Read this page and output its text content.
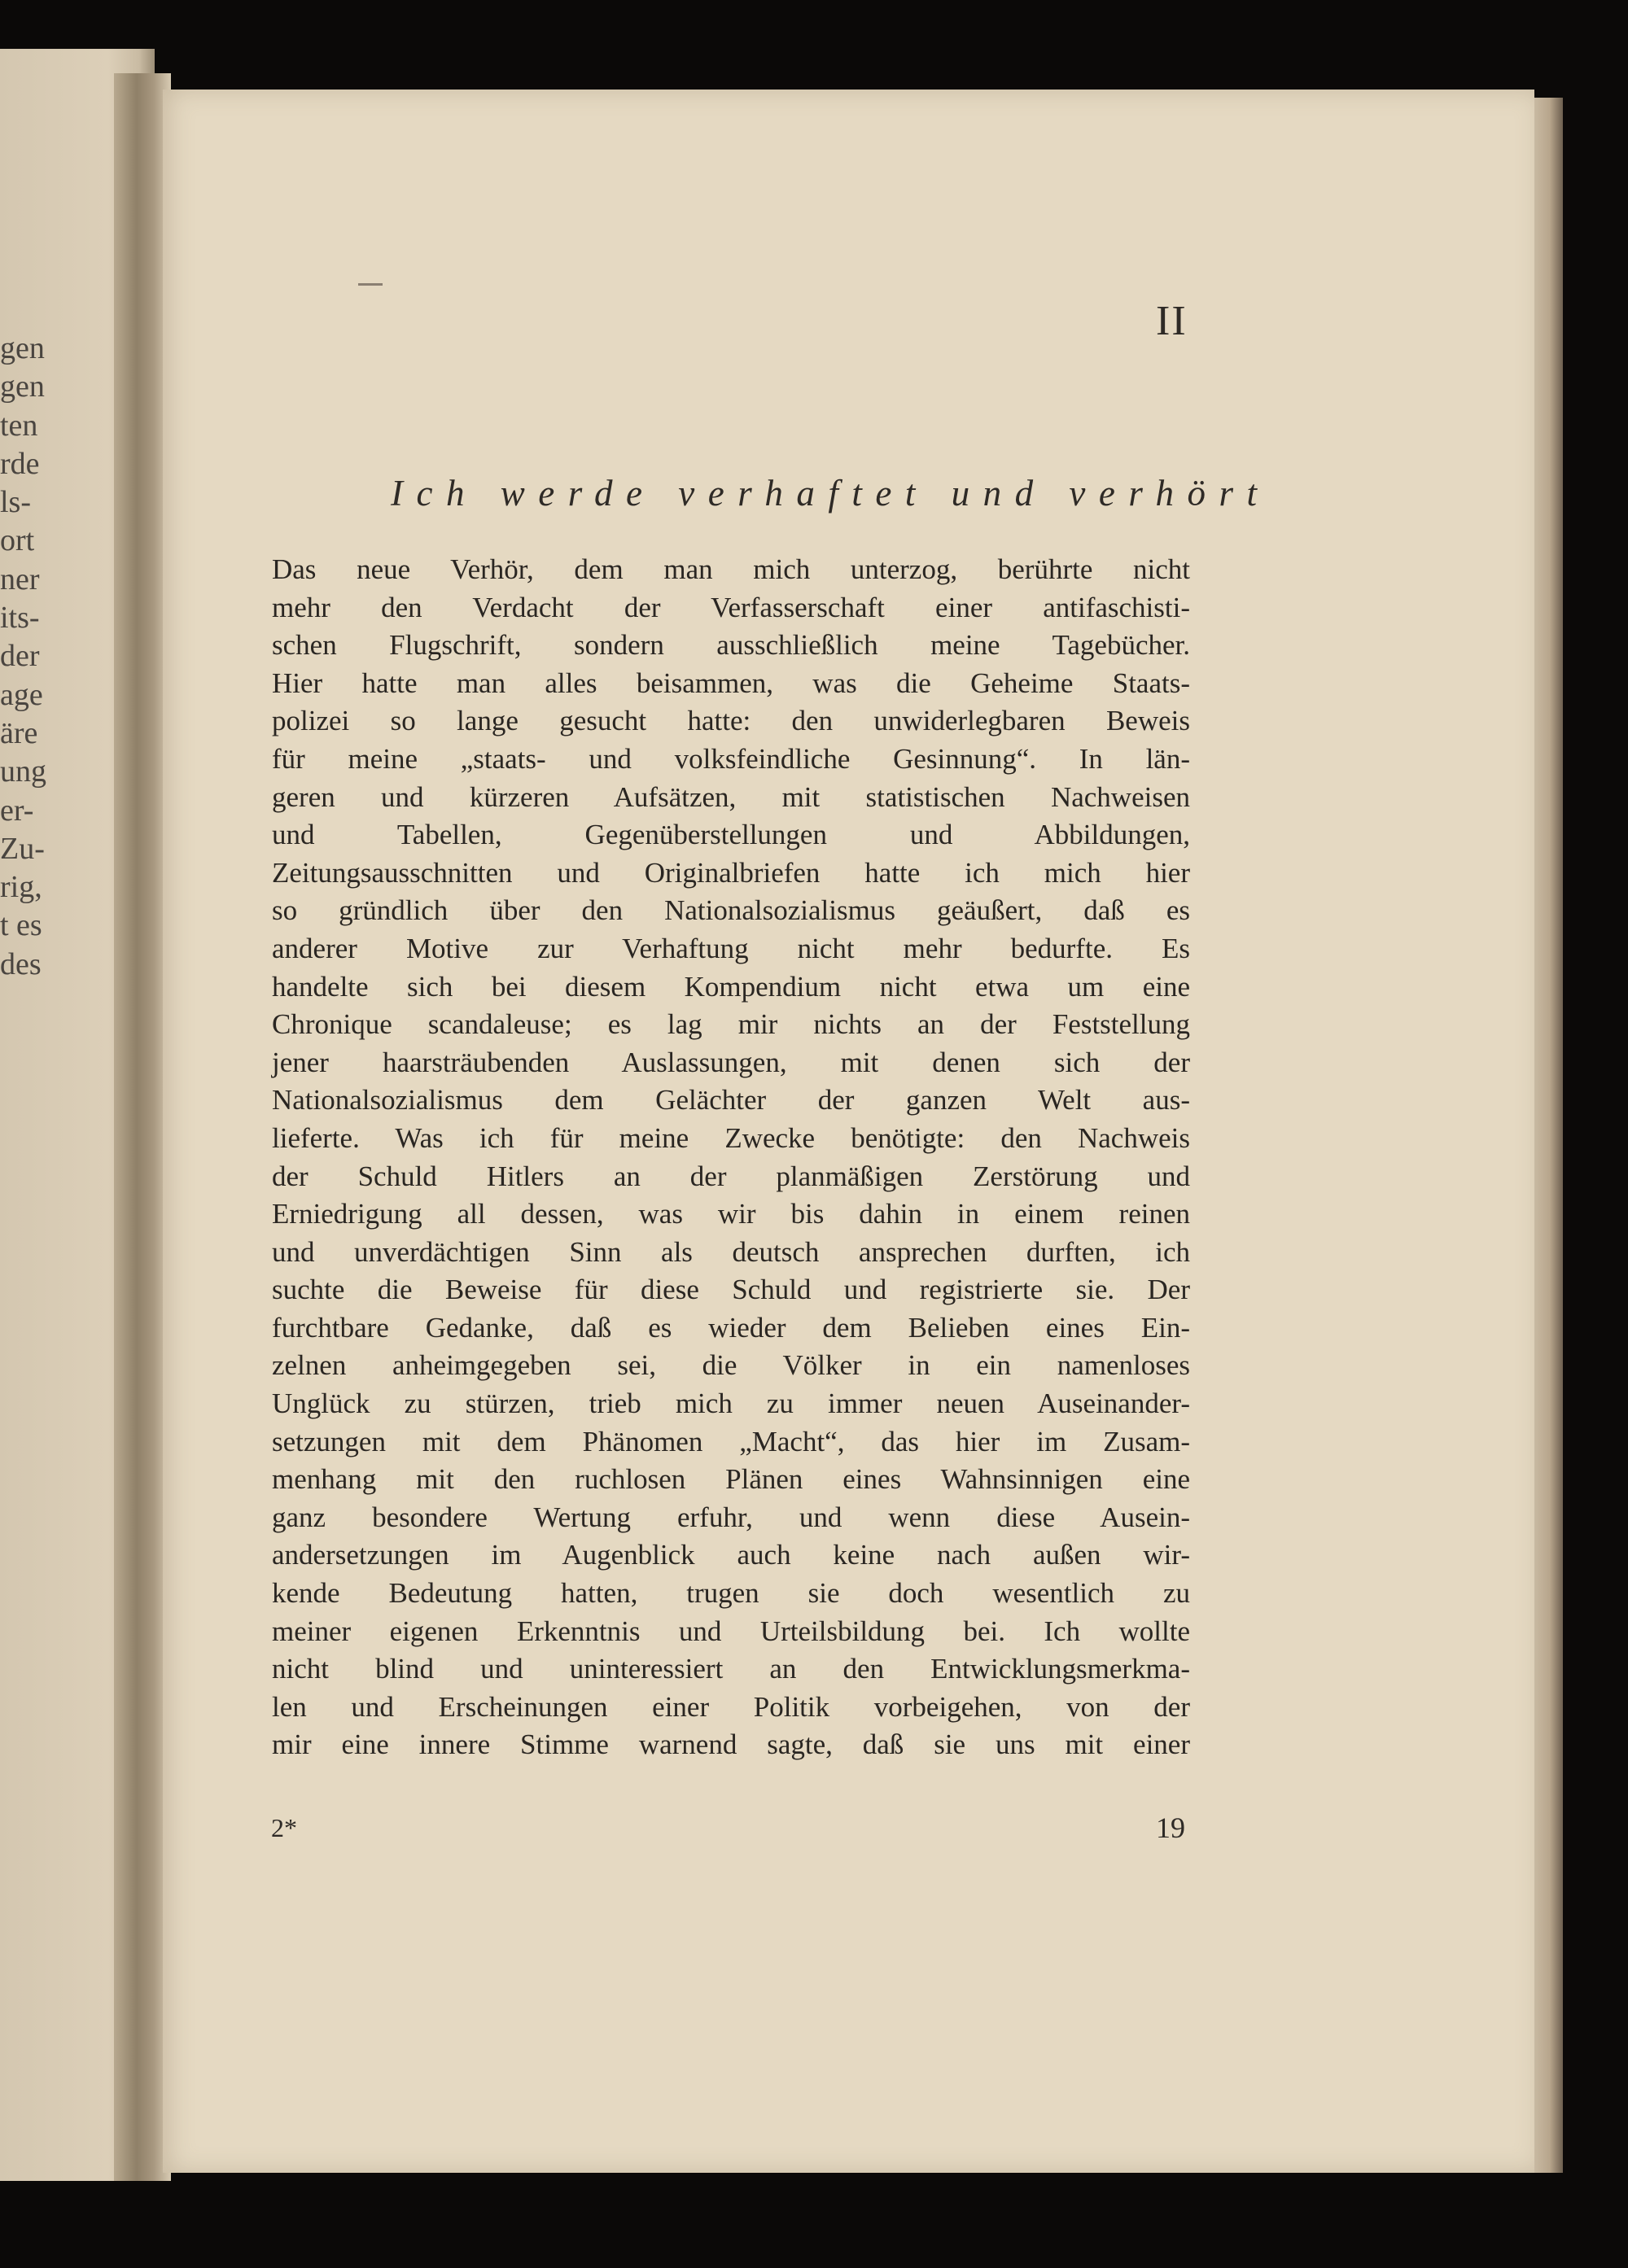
gen
gen
ten
rde
ls-
ort
ner
its-
der
age
äre
ung
er-
Zu-
rig,
t es
des
II
Ich werde verhaftet und verhört
Das neue Verhör, dem man mich unterzog, berührte nicht
mehr den Verdacht der Verfasserschaft einer antifaschisti-
schen Flugschrift, sondern ausschließlich meine Tagebücher.
Hier hatte man alles beisammen, was die Geheime Staats-
polizei so lange gesucht hatte: den unwiderlegbaren Beweis
für meine „staats- und volksfeindliche Gesinnung“. In län-
geren und kürzeren Aufsätzen, mit statistischen Nachweisen
und Tabellen, Gegenüberstellungen und Abbildungen,
Zeitungsausschnitten und Originalbriefen hatte ich mich hier
so gründlich über den Nationalsozialismus geäußert, daß es
anderer Motive zur Verhaftung nicht mehr bedurfte. Es
handelte sich bei diesem Kompendium nicht etwa um eine
Chronique scandaleuse; es lag mir nichts an der Feststellung
jener haarsträubenden Auslassungen, mit denen sich der
Nationalsozialismus dem Gelächter der ganzen Welt aus-
lieferte. Was ich für meine Zwecke benötigte: den Nachweis
der Schuld Hitlers an der planmäßigen Zerstörung und
Erniedrigung all dessen, was wir bis dahin in einem reinen
und unverdächtigen Sinn als deutsch ansprechen durften, ich
suchte die Beweise für diese Schuld und registrierte sie. Der
furchtbare Gedanke, daß es wieder dem Belieben eines Ein-
zelnen anheimgegeben sei, die Völker in ein namenloses
Unglück zu stürzen, trieb mich zu immer neuen Auseinander-
setzungen mit dem Phänomen „Macht“, das hier im Zusam-
menhang mit den ruchlosen Plänen eines Wahnsinnigen eine
ganz besondere Wertung erfuhr, und wenn diese Ausein-
andersetzungen im Augenblick auch keine nach außen wir-
kende Bedeutung hatten, trugen sie doch wesentlich zu
meiner eigenen Erkenntnis und Urteilsbildung bei. Ich wollte
nicht blind und uninteressiert an den Entwicklungsmerkma-
len und Erscheinungen einer Politik vorbeigehen, von der
mir eine innere Stimme warnend sagte, daß sie uns mit einer
2*	19
